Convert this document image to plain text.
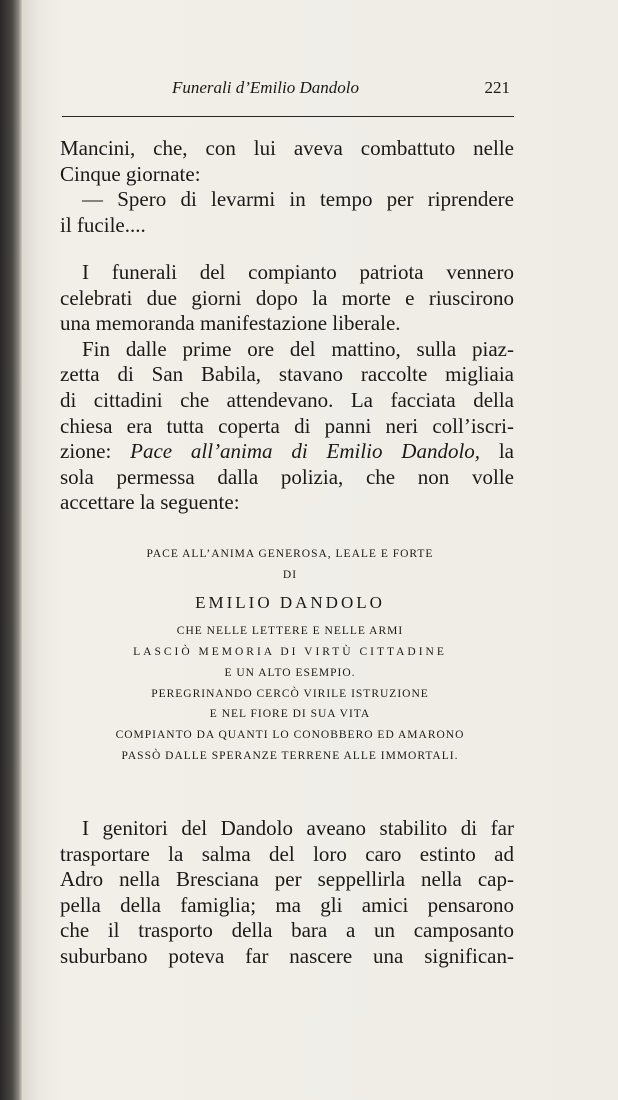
Funerali d’Emilio Dandolo	221
Mancini, che, con lui aveva combattuto nelle
Cinque giornate:
— Spero di levarmi in tempo per riprendere
il fucile....
I funerali del compianto patriota vennero
celebrati due giorni dopo la morte e riuscirono
una memoranda manifestazione liberale.
Fin dalle prime ore del mattino, sulla piaz-
zetta di San Babila, stavano raccolte migliaia
di cittadini che attendevano. La facciata della
chiesa era tutta coperta di panni neri coll’iscri-
zione: Pace all’anima di Emilio Dandolo, la
sola permessa dalla polizia, che non volle
accettare la seguente:
PACE ALL’ANIMA GENEROSA, LEALE E FORTE
DI
EMILIO DANDOLO
CHE NELLE LETTERE E NELLE ARMI
LASCIÒ MEMORIA DI VIRTÙ CITTADINE
E UN ALTO ESEMPIO.
PEREGRINANDO CERCÒ VIRILE ISTRUZIONE
E NEL FIORE DI SUA VITA
COMPIANTO DA QUANTI LO CONOBBERO ED AMARONO
PASSÒ DALLE SPERANZE TERRENE ALLE IMMORTALI.
I genitori del Dandolo aveano stabilito di far
trasportare la salma del loro caro estinto ad
Adro nella Bresciana per seppellirla nella cap-
pella della famiglia; ma gli amici pensarono
che il trasporto della bara a un camposanto
suburbano poteva far nascere una significan-
